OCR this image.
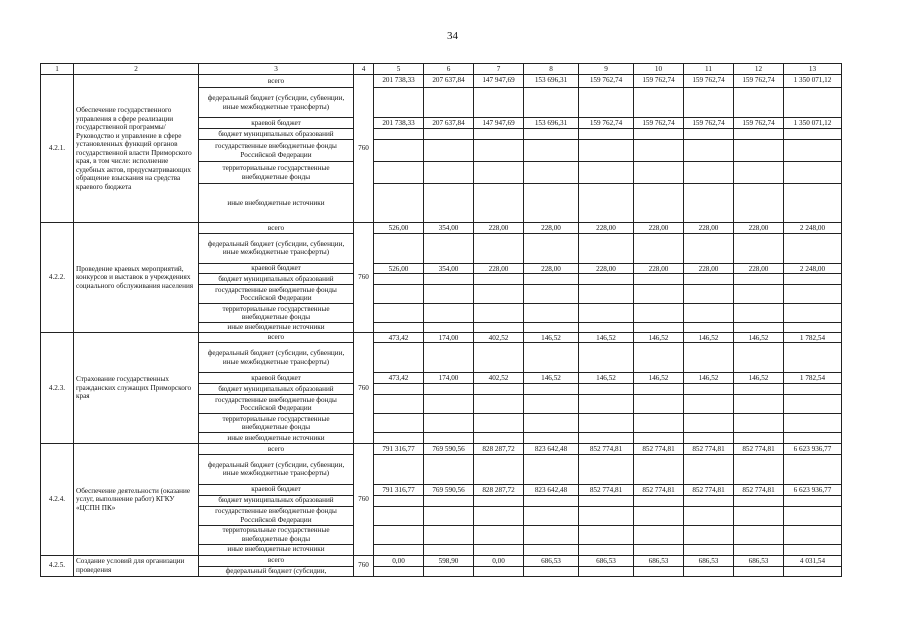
34
1	2	3	4	5	6	7	8	9	10	11	12	13
4.2.1.	Обеспечение государственного управления в сфере реализации государственной программы/ Руководство и управление в сфере установленных функций органов государственной власти Приморского края, в том числе: исполнение судебных актов, предусматривающих обращение взыскания на средства краевого бюджета	всего	760	201 738,33	207 637,84	147 947,69	153 696,31	159 762,74	159 762,74	159 762,74	159 762,74	1 350 071,12
		федеральный бюджет (субсидии, субвенции, иные межбюджетные трансферты)										
		краевой бюджет		201 738,33	207 637,84	147 947,69	153 696,31	159 762,74	159 762,74	159 762,74	159 762,74	1 350 071,12
		бюджет муниципальных образований										
		государственные внебюджетные фонды Российской Федерации										
		территориальные государственные внебюджетные фонды										
		иные внебюджетные источники										
4.2.2.	Проведение краевых мероприятий, конкурсов и выставок в учреждениях социального обслуживания населения	всего	760	526,00	354,00	228,00	228,00	228,00	228,00	228,00	228,00	2 248,00
		федеральный бюджет (субсидии, субвенции, иные межбюджетные трансферты)										
		краевой бюджет		526,00	354,00	228,00	228,00	228,00	228,00	228,00	228,00	2 248,00
		бюджет муниципальных образований										
		государственные внебюджетные фонды Российской Федерации										
		территориальные государственные внебюджетные фонды										
		иные внебюджетные источники										
4.2.3.	Страхование государственных гражданских служащих Приморского края	всего	760	473,42	174,00	402,52	146,52	146,52	146,52	146,52	146,52	1 782,54
		федеральный бюджет (субсидии, субвенции, иные межбюджетные трансферты)										
		краевой бюджет		473,42	174,00	402,52	146,52	146,52	146,52	146,52	146,52	1 782,54
		бюджет муниципальных образований										
		государственные внебюджетные фонды Российской Федерации										
		территориальные государственные внебюджетные фонды										
		иные внебюджетные источники										
4.2.4.	Обеспечение деятельности (оказание услуг, выполнение работ) КГКУ «ЦСПН ПК»	всего	760	791 316,77	769 590,56	828 287,72	823 642,48	852 774,81	852 774,81	852 774,81	852 774,81	6 623 936,77
		федеральный бюджет (субсидии, субвенции, иные межбюджетные трансферты)										
		краевой бюджет		791 316,77	769 590,56	828 287,72	823 642,48	852 774,81	852 774,81	852 774,81	852 774,81	6 623 936,77
		бюджет муниципальных образований										
		государственные внебюджетные фонды Российской Федерации										
		территориальные государственные внебюджетные фонды										
		иные внебюджетные источники										
4.2.5.	Создание условий для организации проведения	всего	760	0,00	598,90	0,00	686,53	686,53	686,53	686,53	686,53	4 031,54
		федеральный бюджет (субсидии,										
